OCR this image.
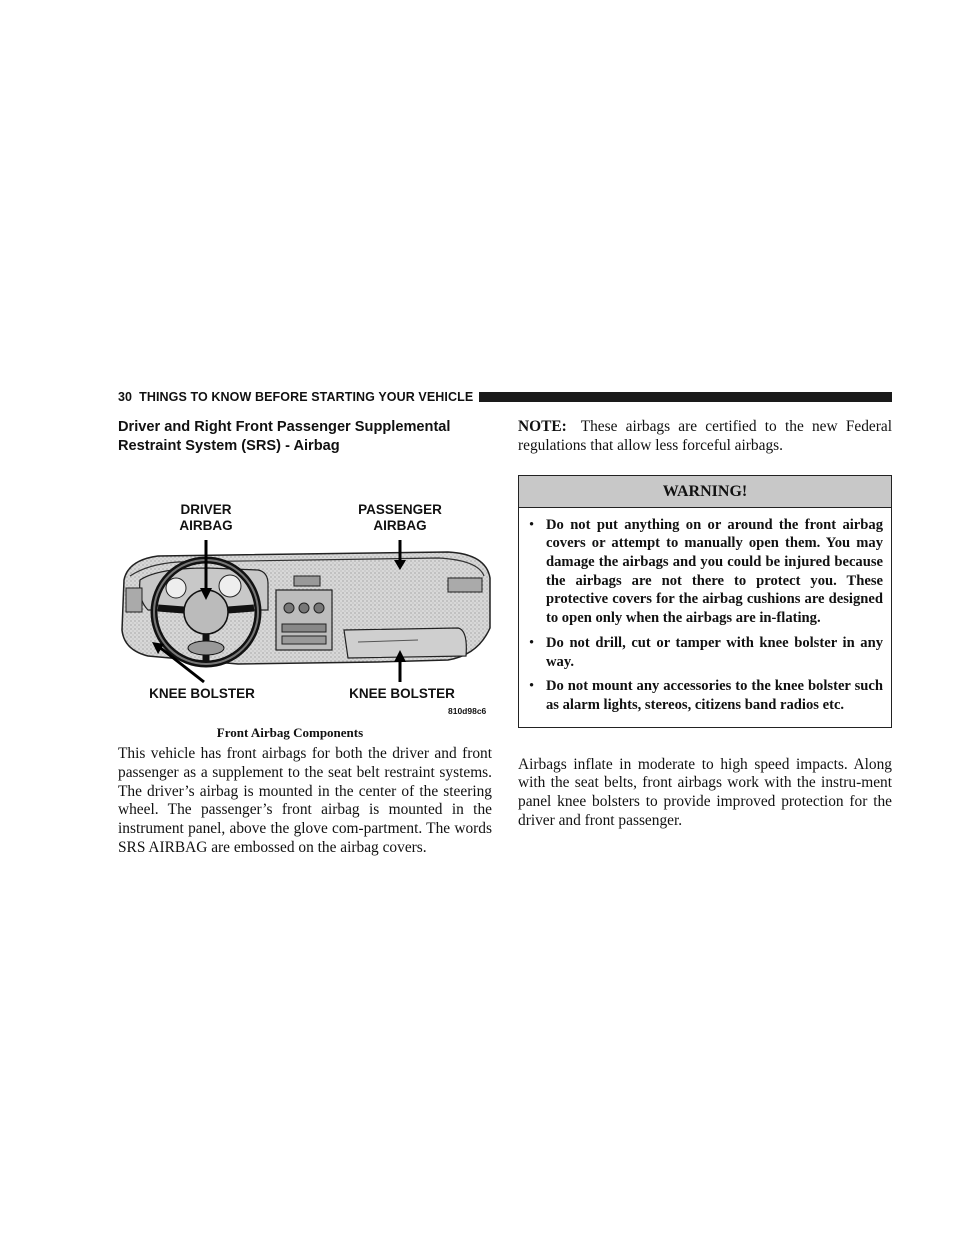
30 THINGS TO KNOW BEFORE STARTING YOUR VEHICLE
Driver and Right Front Passenger Supplemental Restraint System (SRS) - Airbag
DRIVER
AIRBAG
PASSENGER
AIRBAG
KNEE BOLSTER	KNEE BOLSTER
810d98c6
Front Airbag Components

This vehicle has front airbags for both the driver and front passenger as a supplement to the seat belt restraint systems. The driver’s airbag is mounted in the center of the steering wheel. The passenger’s front airbag is mounted in the instrument panel, above the glove com-partment. The words SRS AIRBAG are embossed on the airbag covers.

NOTE: These airbags are certified to the new Federal regulations that allow less forceful airbags.

WARNING!
• Do not put anything on or around the front airbag covers or attempt to manually open them. You may damage the airbags and you could be injured because the airbags are not there to protect you. These protective covers for the airbag cushions are designed to open only when the airbags are in-flating.
• Do not drill, cut or tamper with knee bolster in any way.
• Do not mount any accessories to the knee bolster such as alarm lights, stereos, citizens band radios etc.

Airbags inflate in moderate to high speed impacts. Along with the seat belts, front airbags work with the instru-ment panel knee bolsters to provide improved protection for the driver and front passenger.
